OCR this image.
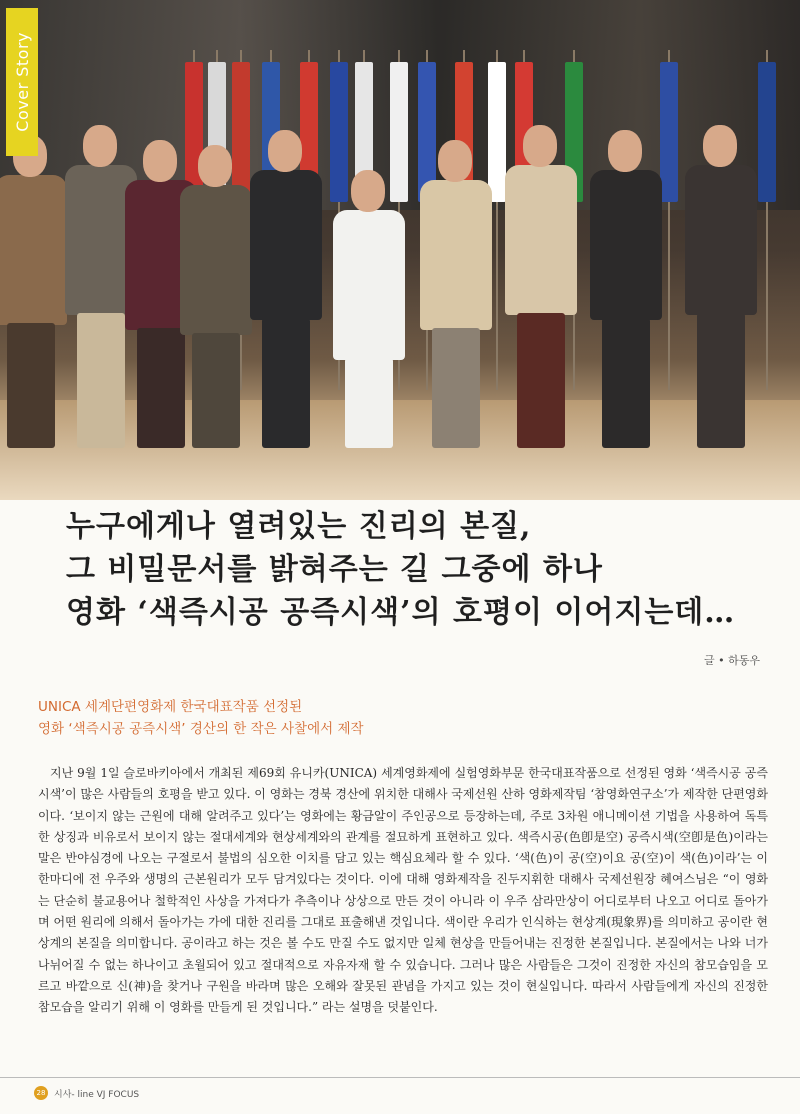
Cover Story
누구에게나 열려있는 진리의 본질,
그 비밀문서를 밝혀주는 길 그중에 하나
영화 ‘색즉시공 공즉시색’의 호평이 이어지는데…
글 • 하동우
UNICA 세계단편영화제 한국대표작품 선정된
영화 ‘색즉시공 공즉시색’ 경산의 한 작은 사찰에서 제작
지난 9월 1일 슬로바키아에서 개최된 제69회 유니카(UNICA) 세계영화제에 실험영화부문 한국대표작품으로 선정된 영화 ‘색즉시공 공즉시색’이 많은 사람들의 호평을 받고 있다. 이 영화는 경북 경산에 위치한 대해사 국제선원 산하 영화제작팀 ‘참영화연구소’가 제작한 단편영화이다. ‘보이지 않는 근원에 대해 알려주고 있다’는 영화에는 황금알이 주인공으로 등장하는데, 주로 3차원 애니메이션 기법을 사용하여 독특한 상징과 비유로서 보이지 않는 절대세계와 현상세계와의 관계를 절묘하게 표현하고 있다. 색즉시공(色卽是空) 공즉시색(空卽是色)이라는 말은 반야심경에 나오는 구절로서 불법의 심오한 이치를 담고 있는 핵심요체라 할 수 있다. ‘색(色)이 공(空)이요 공(空)이 색(色)이라’는 이 한마디에 전 우주와 생명의 근본원리가 모두 담겨있다는 것이다. 이에 대해 영화제작을 진두지휘한 대해사 국제선원장 혜여스님은 “이 영화는 단순히 불교용어나 철학적인 사상을 가져다가 추측이나 상상으로 만든 것이 아니라 이 우주 삼라만상이 어디로부터 나오고 어디로 돌아가며 어떤 원리에 의해서 돌아가는 가에 대한 진리를 그대로 표출해낸 것입니다. 색이란 우리가 인식하는 현상계(現象界)를 의미하고 공이란 현상계의 본질을 의미합니다. 공이라고 하는 것은 볼 수도 만질 수도 없지만 일체 현상을 만들어내는 진정한 본질입니다. 본질에서는 나와 너가 나뉘어질 수 없는 하나이고 초월되어 있고 절대적으로 자유자재 할 수 있습니다. 그러나 많은 사람들은 그것이 진정한 자신의 참모습임을 모르고 바깥으로 신(神)을 찾거나 구원을 바라며 많은 오해와 잘못된 관념을 가지고 있는 것이 현실입니다. 따라서 사람들에게 자신의 진정한 참모습을 알리기 위해 이 영화를 만들게 된 것입니다.” 라는 설명을 덧붙인다.
28 시사- line VJ FOCUS
